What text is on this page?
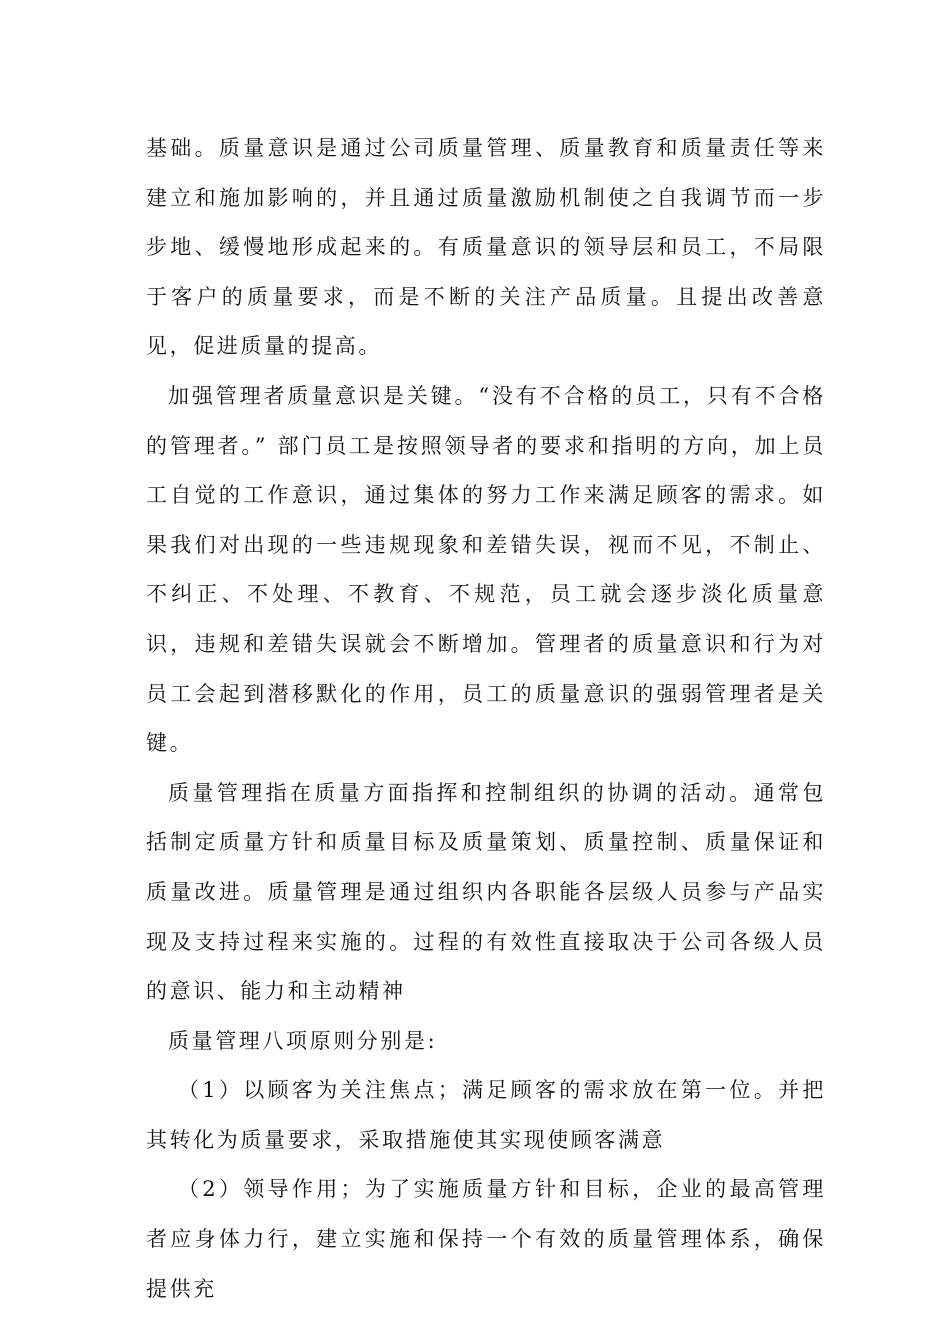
基础。质量意识是通过公司质量管理、质量教育和质量责任等来建立和施加影响的，并且通过质量激励机制使之自我调节而一步步地、缓慢地形成起来的。有质量意识的领导层和员工，不局限于客户的质量要求，而是不断的关注产品质量。且提出改善意见，促进质量的提高。

加强管理者质量意识是关键。“没有不合格的员工，只有不合格的管理者。” 部门员工是按照领导者的要求和指明的方向，加上员工自觉的工作意识，通过集体的努力工作来满足顾客的需求。如果我们对出现的一些违规现象和差错失误，视而不见，不制止、不纠正、不处理、不教育、不规范，员工就会逐步淡化质量意识，违规和差错失误就会不断增加。管理者的质量意识和行为对员工会起到潜移默化的作用，员工的质量意识的强弱管理者是关键。

质量管理指在质量方面指挥和控制组织的协调的活动。通常包括制定质量方针和质量目标及质量策划、质量控制、质量保证和质量改进。质量管理是通过组织内各职能各层级人员参与产品实现及支持过程来实施的。过程的有效性直接取决于公司各级人员的意识、能力和主动精神

质量管理八项原则分别是:

（1）以顾客为关注焦点；满足顾客的需求放在第一位。并把其转化为质量要求，采取措施使其实现使顾客满意

（2）领导作用；为了实施质量方针和目标，企业的最高管理者应身体力行，建立实施和保持一个有效的质量管理体系，确保提供充
